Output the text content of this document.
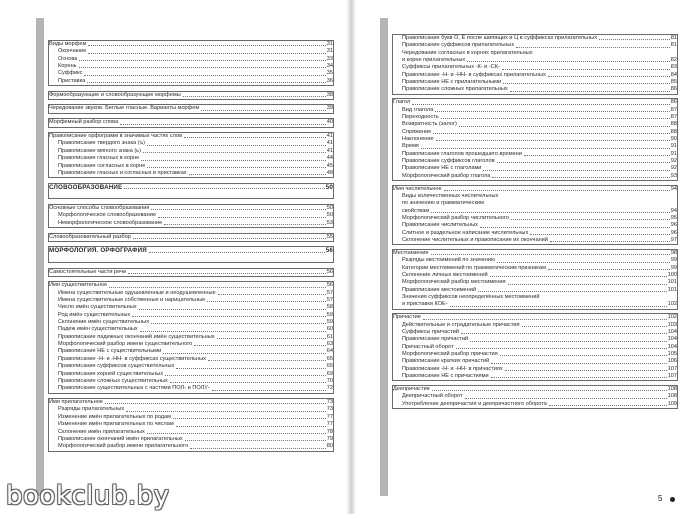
Виды морфем	31
Окончание	31
Основа	33
Корень	34
Суффикс	35
Приставка	36
Формообразующие и словообразующие морфемы	38
Чередование звуков. Беглые гласные. Варианты морфем	39
Морфемный разбор слова	40
Правописание орфограмм в значимых частях слов	41
Правописание твердого знака (ъ)	41
Правописание мягкого знака (ь)	41
Правописание гласных в корне	44
Правописание согласных в корне	45
Правописание гласных и согласных в приставках	48
СЛОВООБРАЗОВАНИЕ	50
Основные способы словообразования	50
Морфологическое словообразование	50
Неморфологическое словообразование	53
Словообразовательный разбор	55
МОРФОЛОГИЯ. ОРФОГРАФИЯ	56
Самостоятельные части речи	56
Имя существительное	56
Имена существительные одушевленные и неодушевленные	57
Имена существительные собственные и нарицательные	57
Число имён существительных	58
Род имён существительных	59
Склонение имён существительных	59
Падеж имён существительных	60
Правописание падежных окончаний имён существительных	61
Морфологический разбор имени существительного	63
Правописание НЕ с существительными	64
Правописание -Н- и -НН- в суффиксах существительных	65
Правописание суффиксов существительных	65
Правописание корней существительных	69
Правописание сложных существительных	70
Правописание существительных с частями ПОЛ- и ПОЛУ-	72
Имя прилагательное	73
Разряды прилагательных	73
Изменение имён прилагательных по родам	77
Изменение имён прилагательных по числам	77
Склонение имён прилагательных	78
Правописание окончаний имён прилагательных	79
Морфологический разбор имени прилагательного	80
Правописание букв О, Ё после шипящих и Ц в суффиксах прилагательных	81
Правописание суффиксов прилагательных	81
Чередование согласных в корнях прилагательных
и корне прилагательных	82
Суффиксы прилагательных -К- и -СК-	83
Правописание -Н- и -НН- в суффиксах прилагательных	84
Правописание НЕ с прилагательными	85
Правописание сложных прилагательных	86
Глагол	86
Вид глагола	87
Переходность	87
Возвратность (залог)	88
Спряжение	88
Наклонение	90
Время	91
Правописание глаголов прошедшего времени	91
Правописание суффиксов глаголов	92
Правописание НЕ с глаголами	92
Морфологический разбор глагола	93
Имя числительное	94
Виды количественных числительных
по значению и грамматическим
свойствам	94
Морфологический разбор числительного	95
Правописание числительных	96
Слитное и раздельное написание числительных	96
Склонение числительных и правописание их окончаний	97
Местоимение	98
Разряды местоимений по значению	99
Категории местоимений по грамматическим признакам	99
Склонение личных местоимений	100
Морфологический разбор местоимения	101
Правописание местоимений	101
Значения суффиксов неопределённых местоимений
и приставки КОЕ-	102
Причастие	102
Действительные и страдательные причастия	103
Суффиксы причастий	104
Правописание причастий	104
Причастный оборот	104
Морфологический разбор причастия	105
Правописание кратких причастий	106
Правописание -Н- и -НН- в причастиях	107
Правописание НЕ с причастиями	107
Деепричастие	108
Деепричастный оборот	108
Употребление деепричастия и деепричастного оборота	109
5
bookclub.by
